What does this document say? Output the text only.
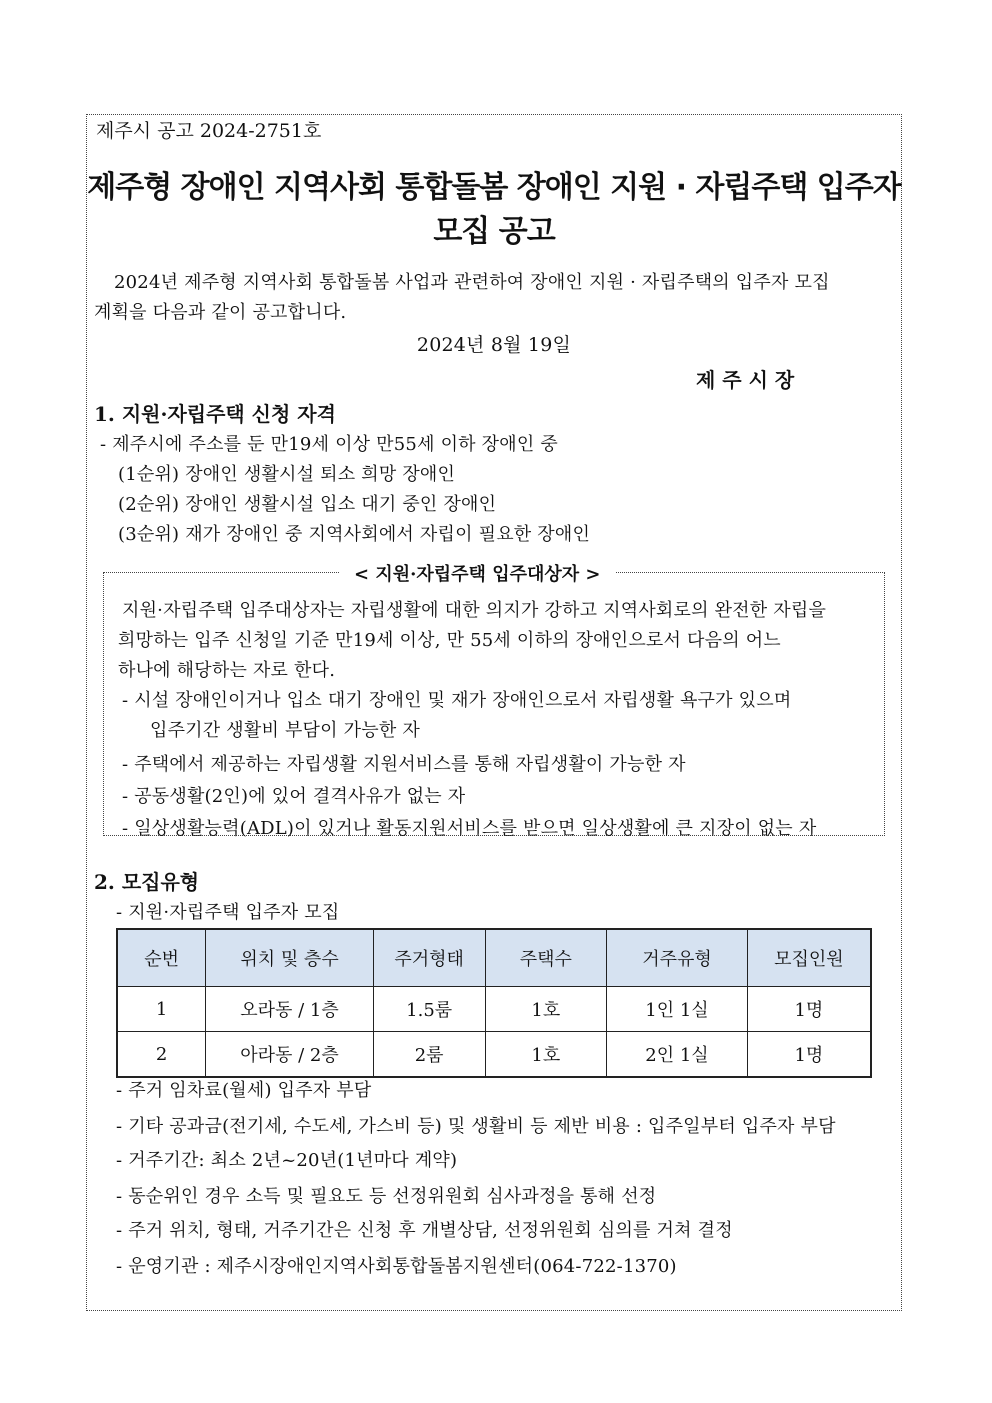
제주시 공고 2024-2751호
제주형 장애인 지역사회 통합돌봄 장애인 지원 · 자립주택 입주자
모집 공고
2024년 제주형 지역사회 통합돌봄 사업과 관련하여 장애인 지원 · 자립주택의 입주자 모집
계획을 다음과 같이 공고합니다.
2024년 8월 19일
제 주 시 장
1. 지원·자립주택 신청 자격
- 제주시에 주소를 둔 만19세 이상 만55세 이하 장애인 중
(1순위) 장애인 생활시설 퇴소 희망 장애인
(2순위) 장애인 생활시설 입소 대기 중인 장애인
(3순위) 재가 장애인 중 지역사회에서 자립이 필요한 장애인
< 지원·자립주택 입주대상자 >
지원·자립주택 입주대상자는 자립생활에 대한 의지가 강하고 지역사회로의 완전한 자립을
희망하는 입주 신청일 기준 만19세 이상, 만 55세 이하의 장애인으로서 다음의 어느
하나에 해당하는 자로 한다.
- 시설 장애인이거나 입소 대기 장애인 및 재가 장애인으로서 자립생활 욕구가 있으며
입주기간 생활비 부담이 가능한 자
- 주택에서 제공하는 자립생활 지원서비스를 통해 자립생활이 가능한 자
- 공동생활(2인)에 있어 결격사유가 없는 자
- 일상생활능력(ADL)이 있거나 활동지원서비스를 받으면 일상생활에 큰 지장이 없는 자
2. 모집유형
- 지원·자립주택 입주자 모집
순번	위치 및 층수	주거형태	주택수	거주유형	모집인원
1	오라동 / 1층	1.5룸	1호	1인 1실	1명
2	아라동 / 2층	2룸	1호	2인 1실	1명
- 주거 임차료(월세) 입주자 부담
- 기타 공과금(전기세, 수도세, 가스비 등) 및 생활비 등 제반 비용 : 입주일부터 입주자 부담
- 거주기간: 최소 2년~20년(1년마다 계약)
- 동순위인 경우 소득 및 필요도 등 선정위원회 심사과정을 통해 선정
- 주거 위치, 형태, 거주기간은 신청 후 개별상담, 선정위원회 심의를 거쳐 결정
- 운영기관 : 제주시장애인지역사회통합돌봄지원센터(064-722-1370)
